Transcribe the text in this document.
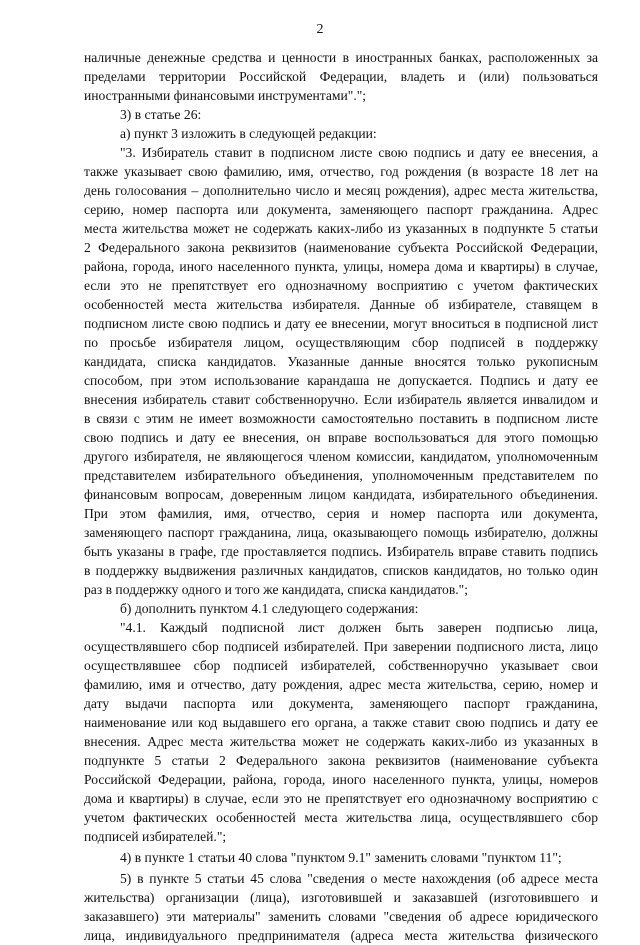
2
наличные денежные средства и ценности в иностранных банках, расположенных за
пределами территории Российской Федерации, владеть и (или) пользоваться
иностранными финансовыми инструментами".";
3) в статье 26:
а) пункт 3 изложить в следующей редакции:
"3. Избиратель ставит в подписном листе свою подпись и дату ее внесения, а
также указывает свою фамилию, имя, отчество, год рождения (в возрасте 18 лет на
день голосования – дополнительно число и месяц рождения), адрес места жительства,
серию, номер паспорта или документа, заменяющего паспорт гражданина. Адрес
места жительства может не содержать каких-либо из указанных в подпункте 5 статьи
2 Федерального закона реквизитов (наименование субъекта Российской Федерации,
района, города, иного населенного пункта, улицы, номера дома и квартиры) в случае,
если это не препятствует его однозначному восприятию с учетом фактических
особенностей места жительства избирателя. Данные об избирателе, ставящем в
подписном листе свою подпись и дату ее внесении, могут вноситься в подписной лист
по просьбе избирателя лицом, осуществляющим сбор подписей в поддержку
кандидата, списка кандидатов. Указанные данные вносятся только рукописным
способом, при этом использование карандаша не допускается. Подпись и дату ее
внесения избиратель ставит собственноручно. Если избиратель является инвалидом и
в связи с этим не имеет возможности самостоятельно поставить в подписном листе
свою подпись и дату ее внесения, он вправе воспользоваться для этого помощью
другого избирателя, не являющегося членом комиссии, кандидатом, уполномоченным
представителем избирательного объединения, уполномоченным представителем по
финансовым вопросам, доверенным лицом кандидата, избирательного объединения.
При этом фамилия, имя, отчество, серия и номер паспорта или документа,
заменяющего паспорт гражданина, лица, оказывающего помощь избирателю, должны
быть указаны в графе, где проставляется подпись. Избиратель вправе ставить подпись
в поддержку выдвижения различных кандидатов, списков кандидатов, но только один
раз в поддержку одного и того же кандидата, списка кандидатов.";
б) дополнить пунктом 4.1 следующего содержания:
"4.1. Каждый подписной лист должен быть заверен подписью лица,
осуществлявшего сбор подписей избирателей. При заверении подписного листа, лицо
осуществлявшее сбор подписей избирателей, собственноручно указывает свои
фамилию, имя и отчество, дату рождения, адрес места жительства, серию, номер и
дату выдачи паспорта или документа, заменяющего паспорт гражданина,
наименование или код выдавшего его органа, а также ставит свою подпись и дату ее
внесения. Адрес места жительства может не содержать каких-либо из указанных в
подпункте 5 статьи 2 Федерального закона реквизитов (наименование субъекта
Российской Федерации, района, города, иного населенного пункта, улицы, номеров
дома и квартиры) в случае, если это не препятствует его однозначному восприятию с
учетом фактических особенностей места жительства лица, осуществлявшего сбор
подписей избирателей.";
4) в пункте 1 статьи 40 слова "пунктом 9.1" заменить словами "пунктом 11";
5) в пункте 5 статьи 45 слова "сведения о месте нахождения (об адресе места
жительства) организации (лица), изготовившей и заказавшей (изготовившего и
заказавшего) эти материалы" заменить словами "сведения об адресе юридического
лица, индивидуального предпринимателя (адреса места жительства физического
